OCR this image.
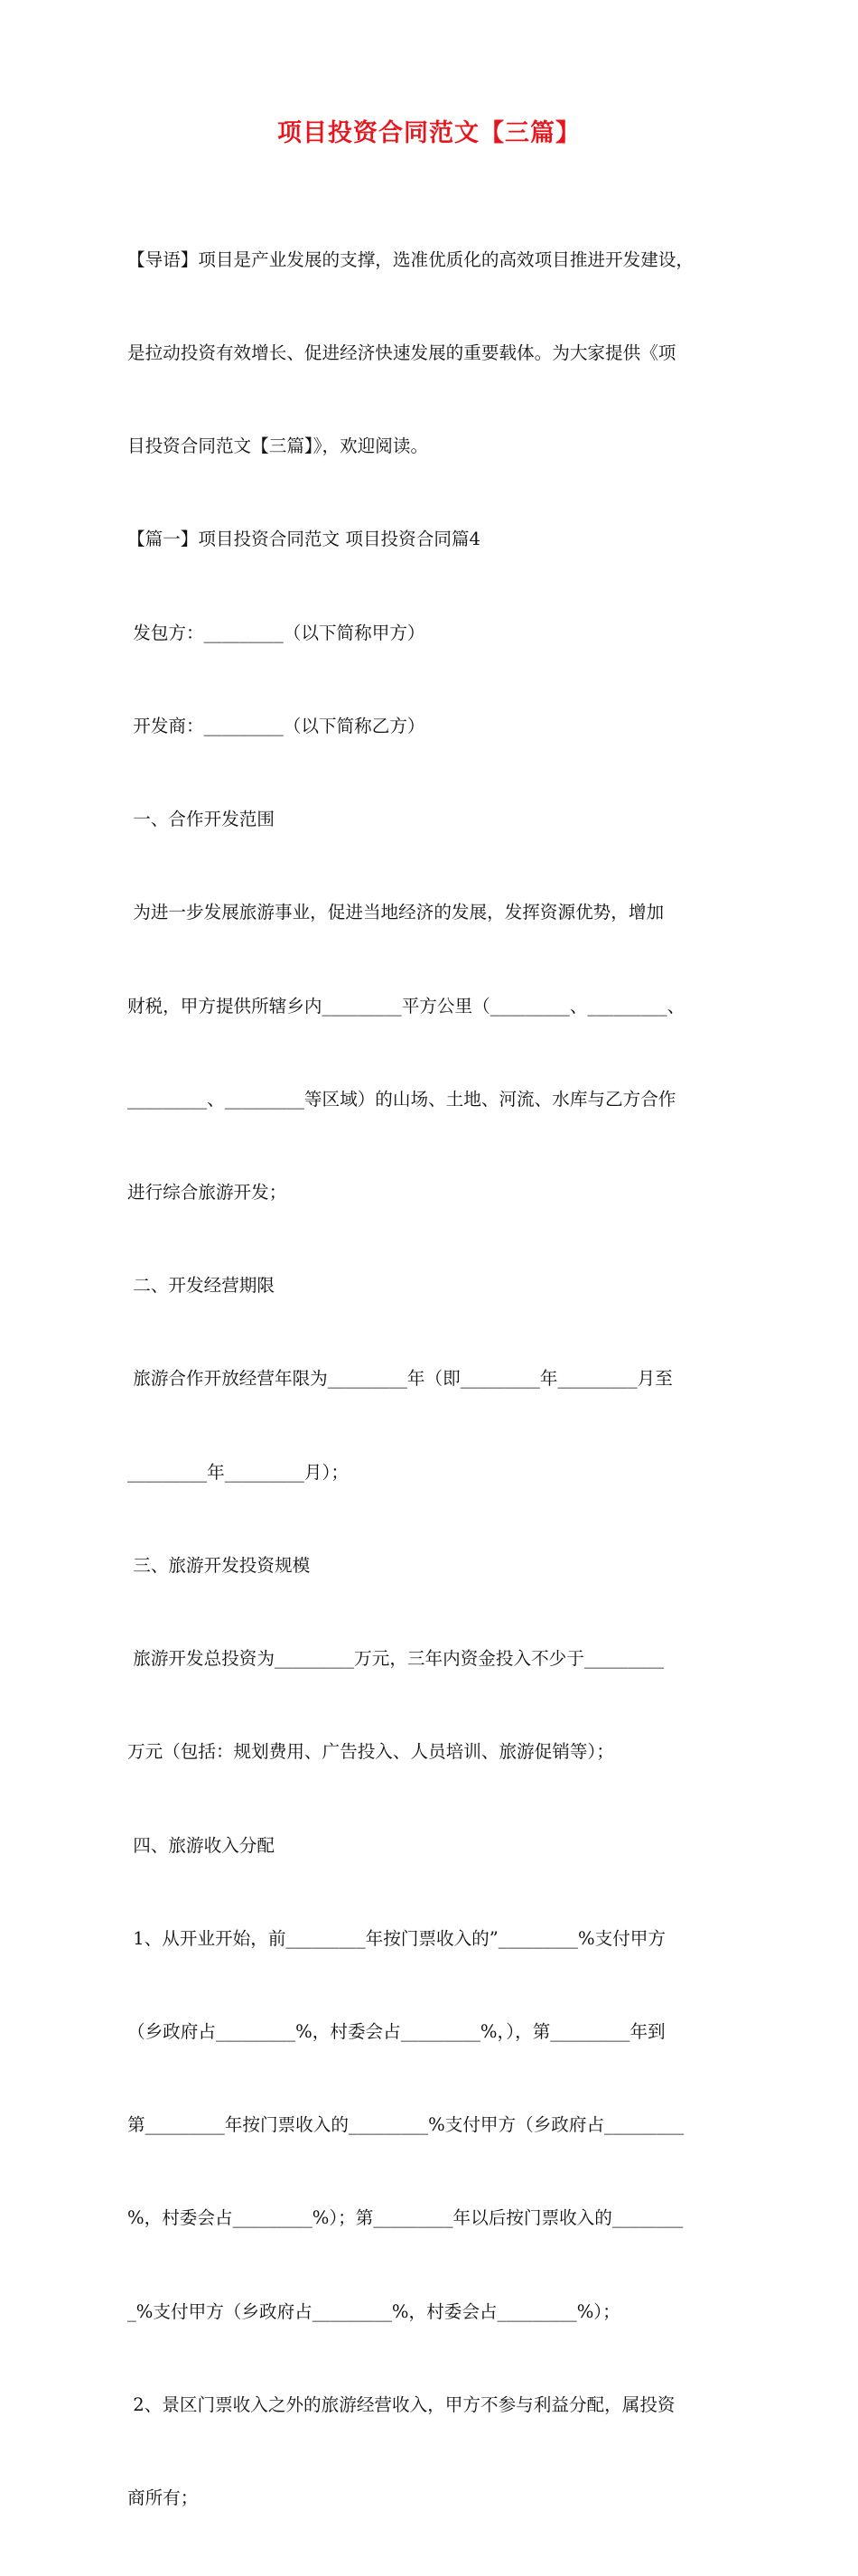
项目投资合同范文【三篇】

【导语】项目是产业发展的支撑，选准优质化的高效项目推进开发建设，

是拉动投资有效增长、促进经济快速发展的重要载体。为大家提供《项

目投资合同范文【三篇】》，欢迎阅读。

【篇一】项目投资合同范文 项目投资合同篇4

发包方：_________（以下简称甲方）

开发商：_________（以下简称乙方）

一、合作开发范围

为进一步发展旅游事业，促进当地经济的发展，发挥资源优势，增加

财税，甲方提供所辖乡内_________平方公里（_________、_________、

_________、_________等区域）的山场、土地、河流、水库与乙方合作

进行综合旅游开发；

二、开发经营期限

旅游合作开放经营年限为_________年（即_________年_________月至

_________年_________月）；

三、旅游开发投资规模

旅游开发总投资为_________万元，三年内资金投入不少于_________

万元（包括：规划费用、广告投入、人员培训、旅游促销等）；

四、旅游收入分配

1、从开业开始，前_________年按门票收入的”_________%支付甲方

（乡政府占_________%，村委会占_________%，），第_________年到

第_________年按门票收入的_________%支付甲方（乡政府占_________

%，村委会占_________%）；第_________年以后按门票收入的________

_%支付甲方（乡政府占_________%，村委会占_________%）；

2、景区门票收入之外的旅游经营收入，甲方不参与利益分配，属投资

商所有；
